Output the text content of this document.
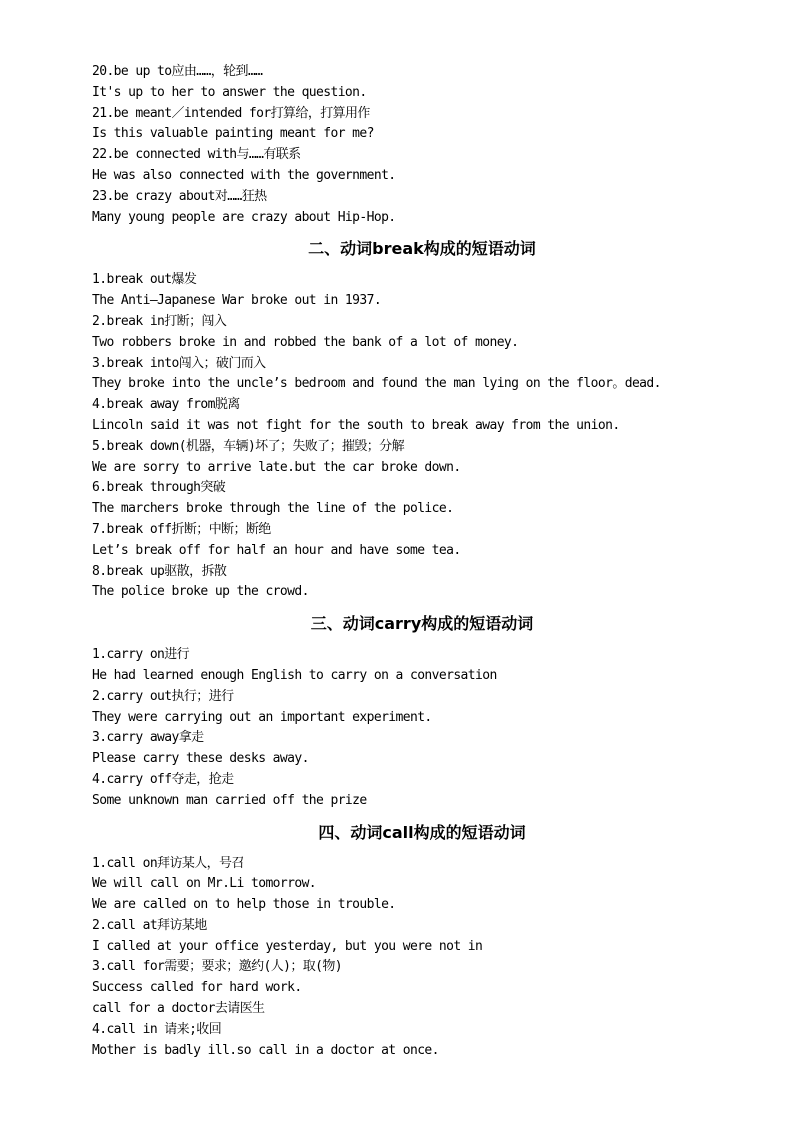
20.be up to应由……，轮到……
It's up to her to answer the question.
21.be meant／intended for打算给，打算用作
Is this valuable painting meant for me?
22.be connected with与……有联系
He was also connected with the government.
23.be crazy about对……狂热
Many young people are crazy about Hip-Hop.
二、动词break构成的短语动词
1.break out爆发
The Anti—Japanese War broke out in 1937.
2.break in打断；闯入
Two robbers broke in and robbed the bank of a lot of money.
3.break into闯入；破门而入
They broke into the uncle’s bedroom and found the man lying on the floor。dead.
4.break away from脱离
Lincoln said it was not fight for the south to break away from the union.
5.break down(机器，车辆)坏了；失败了；摧毁；分解
We are sorry to arrive late.but the car broke down.
6.break through突破
The marchers broke through the line of the police.
7.break off折断；中断；断绝
Let’s break off for half an hour and have some tea.
8.break up驱散，拆散
The police broke up the crowd.
三、动词carry构成的短语动词
1.carry on进行
He had learned enough English to carry on a conversation
2.carry out执行；进行
They were carrying out an important experiment.
3.carry away拿走
Please carry these desks away.
4.carry off夺走，抢走
Some unknown man carried off the prize
四、动词call构成的短语动词
1.call on拜访某人，号召
We will call on Mr.Li tomorrow.
We are called on to help those in trouble.
2.call at拜访某地
I called at your office yesterday, but you were not in
3.call for需要；要求；邀约(人)；取(物)
Success called for hard work.
call for a doctor去请医生
4.call in 请来;收回
Mother is badly ill.so call in a doctor at once.
